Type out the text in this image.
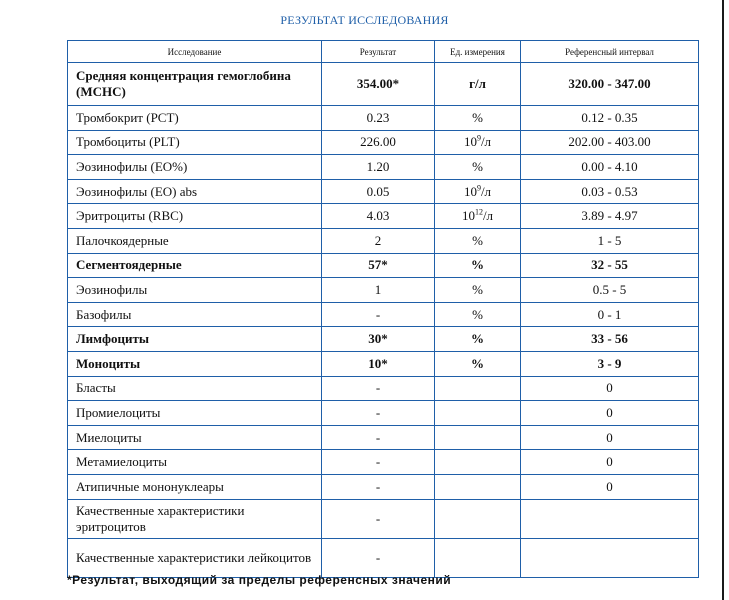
РЕЗУЛЬТАТ ИССЛЕДОВАНИЯ
Исследование	Результат	Ед. измерения	Референсный интервал
Средняя концентрация гемоглобина (МСНС)	354.00*	г/л	320.00 - 347.00
Тромбокрит (PCT)	0.23	%	0.12 - 0.35
Тромбоциты (PLT)	226.00	$10^9/л$	202.00 - 403.00
Эозинофилы (EO%)	1.20	%	0.00 - 4.10
Эозинофилы (EO) abs	0.05	$10^9/л$	0.03 - 0.53
Эритроциты (RBC)	4.03	$10^{12}/л$	3.89 - 4.97
Палочкоядерные	2	%	1 - 5
Сегментоядерные	57*	%	32 - 55
Эозинофилы	1	%	0.5 - 5
Базофилы	-	%	0 - 1
Лимфоциты	30*	%	33 - 56
Моноциты	10*	%	3 - 9
Бласты	-		0
Промиелоциты	-		0
Миелоциты	-		0
Метамиелоциты	-		0
Атипичные мононуклеары	-		0
Качественные характеристики эритроцитов	-		
Качественные характеристики лейкоцитов	-		
*Результат, выходящий за пределы референсных значений
